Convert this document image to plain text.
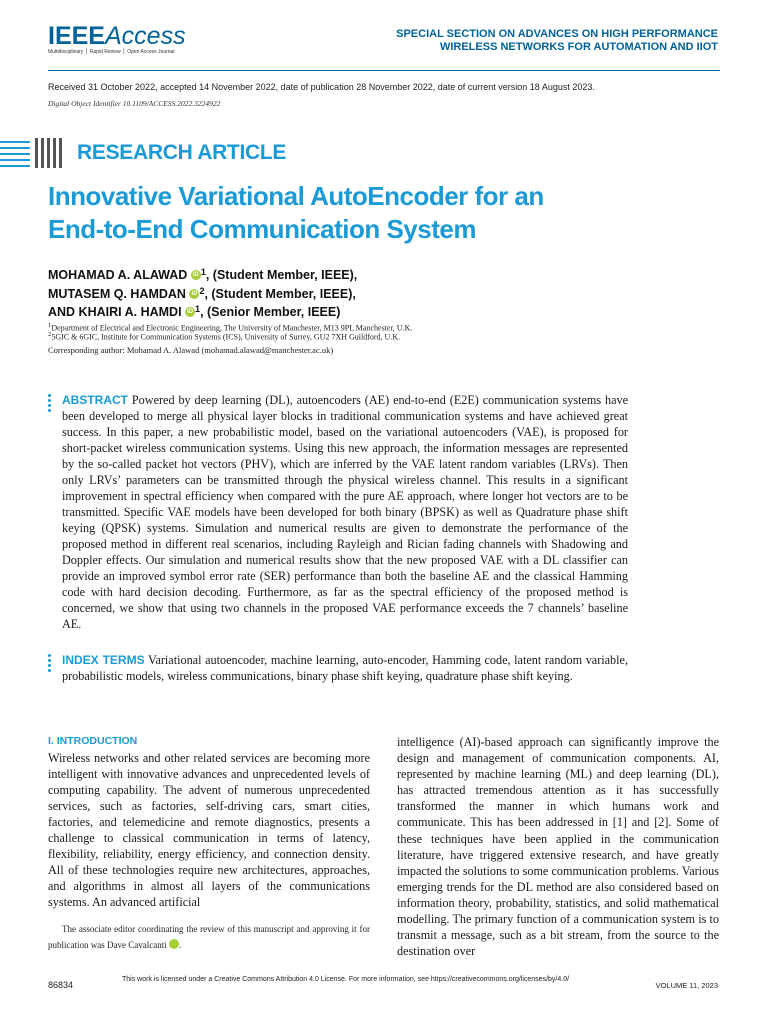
IEEEAccess
Multidisciplinary ⎪ Rapid Review ⎪ Open Access Journal
SPECIAL SECTION ON ADVANCES ON HIGH PERFORMANCE
WIRELESS NETWORKS FOR AUTOMATION AND IIOT
Received 31 October 2022, accepted 14 November 2022, date of publication 28 November 2022, date of current version 18 August 2023.
Digital Object Identifier 10.1109/ACCESS.2022.3224922
RESEARCH ARTICLE
Innovative Variational AutoEncoder for an
End-to-End Communication System
MOHAMAD A. ALAWAD iD $^1$, (Student Member, IEEE),
MUTASEM Q. HAMDAN iD $^2$, (Student Member, IEEE),
AND KHAIRI A. HAMDI iD $^1$, (Senior Member, IEEE)
$^1$Department of Electrical and Electronic Engineering, The University of Manchester, M13 9PL Manchester, U.K.
$^2$5GIC & 6GIC, Institute for Communication Systems (ICS), University of Surrey, GU2 7XH Guildford, U.K.
Corresponding author: Mohamad A. Alawad (mohamad.alawad@manchester.ac.uk)
ABSTRACT Powered by deep learning (DL), autoencoders (AE) end-to-end (E2E) communication systems have been developed to merge all physical layer blocks in traditional communication systems and have achieved great success. In this paper, a new probabilistic model, based on the variational autoencoders (VAE), is proposed for short-packet wireless communication systems. Using this new approach, the information messages are represented by the so-called packet hot vectors (PHV), which are inferred by the VAE latent random variables (LRVs). Then only LRVs’ parameters can be transmitted through the physical wireless channel. This results in a significant improvement in spectral efficiency when compared with the pure AE approach, where longer hot vectors are to be transmitted. Specific VAE models have been developed for both binary (BPSK) as well as Quadrature phase shift keying (QPSK) systems. Simulation and numerical results are given to demonstrate the performance of the proposed method in different real scenarios, including Rayleigh and Rician fading channels with Shadowing and Doppler effects. Our simulation and numerical results show that the new proposed VAE with a DL classifier can provide an improved symbol error rate (SER) performance than both the baseline AE and the classical Hamming code with hard decision decoding. Furthermore, as far as the spectral efficiency of the proposed method is concerned, we show that using two channels in the proposed VAE performance exceeds the 7 channels’ baseline AE.
INDEX TERMS Variational autoencoder, machine learning, auto-encoder, Hamming code, latent random variable, probabilistic models, wireless communications, binary phase shift keying, quadrature phase shift keying.
I. INTRODUCTION
Wireless networks and other related services are becoming more intelligent with innovative advances and unprecedented levels of computing capability. The advent of numerous unprecedented services, such as factories, self-driving cars, smart cities, factories, and telemedicine and remote diagnostics, presents a challenge to classical communication in terms of latency, flexibility, reliability, energy efficiency, and connection density. All of these technologies require new architectures, approaches, and algorithms in almost all layers of the communications systems. An advanced artificial
intelligence (AI)-based approach can significantly improve the design and management of communication components. AI, represented by machine learning (ML) and deep learning (DL), has attracted tremendous attention as it has successfully transformed the manner in which humans work and communicate. This has been addressed in [1] and [2]. Some of these techniques have been applied in the communication literature, have triggered extensive research, and have greatly impacted the solutions to some communication problems. Various emerging trends for the DL method are also considered based on information theory, probability, statistics, and solid mathematical modelling. The primary function of a communication system is to transmit a message, such as a bit stream, from the source to the destination over
The associate editor coordinating the review of this manuscript and approving it for publication was Dave Cavalcanti	iD.
86834
This work is licensed under a Creative Commons Attribution 4.0 License. For more information, see https://creativecommons.org/licenses/by/4.0/
VOLUME 11, 2023
